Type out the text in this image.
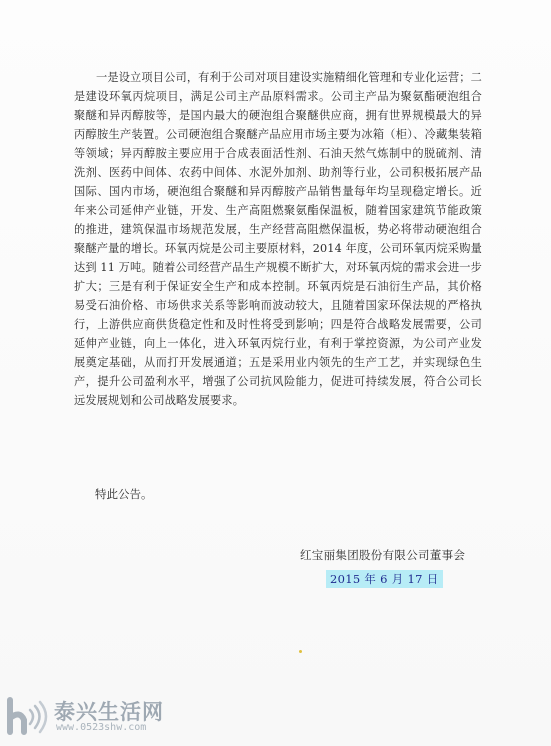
一是设立项目公司，有利于公司对项目建设实施精细化管理和专业化运营；二是建设环氧丙烷项目，满足公司主产品原料需求。公司主产品为聚氨酯硬泡组合聚醚和异丙醇胺等，是国内最大的硬泡组合聚醚供应商，拥有世界规模最大的异丙醇胺生产装置。公司硬泡组合聚醚产品应用市场主要为冰箱（柜）、冷藏集装箱等领域；异丙醇胺主要应用于合成表面活性剂、石油天然气炼制中的脱硫剂、清洗剂、医药中间体、农药中间体、水泥外加剂、助剂等行业，公司积极拓展产品国际、国内市场，硬泡组合聚醚和异丙醇胺产品销售量每年均呈现稳定增长。近年来公司延伸产业链，开发、生产高阻燃聚氨酯保温板，随着国家建筑节能政策的推进，建筑保温市场规范发展，生产经营高阻燃保温板，势必将带动硬泡组合聚醚产量的增长。环氧丙烷是公司主要原材料，2014 年度，公司环氧丙烷采购量达到 11 万吨。随着公司经营产品生产规模不断扩大，对环氧丙烷的需求会进一步扩大；三是有利于保证安全生产和成本控制。环氧丙烷是石油衍生产品，其价格易受石油价格、市场供求关系等影响而波动较大，且随着国家环保法规的严格执行，上游供应商供货稳定性和及时性将受到影响；四是符合战略发展需要，公司延伸产业链，向上一体化，进入环氧丙烷行业，有利于掌控资源，为公司产业发展奠定基础，从而打开发展通道；五是采用业内领先的生产工艺，并实现绿色生产，提升公司盈利水平，增强了公司抗风险能力，促进可持续发展，符合公司长远发展规划和公司战略发展要求。

特此公告。

红宝丽集团股份有限公司董事会

2015 年 6 月 17 日

泰兴生活网

www.0523shw.com
